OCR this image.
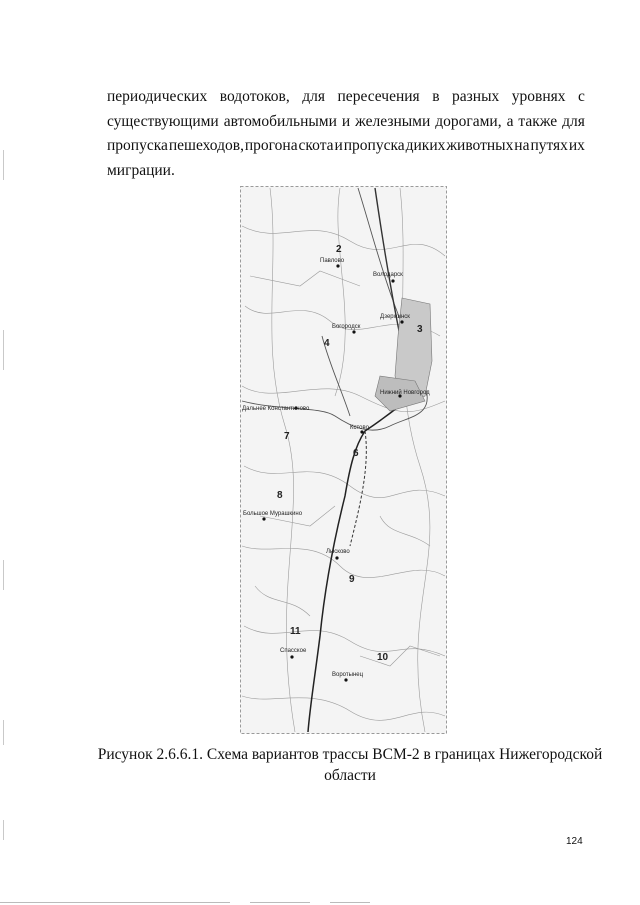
периодических водотоков, для пересечения в разных уровнях с
существующими автомобильными и железными дорогами, а также для
пропуска пешеходов, прогона скота и пропуска диких животных на путях их
миграции.
Павлово
Володарск
Дзержинск
Богородск
Нижний Новгород
Дальнее Константиново
Кстово
Большое Мурашкино
Лысково
Спасское
Воротынец
2
3
4
6
7
8
9
10
11
Рисунок 2.6.6.1. Схема вариантов трассы ВСМ-2 в границах Нижегородской
области
124
